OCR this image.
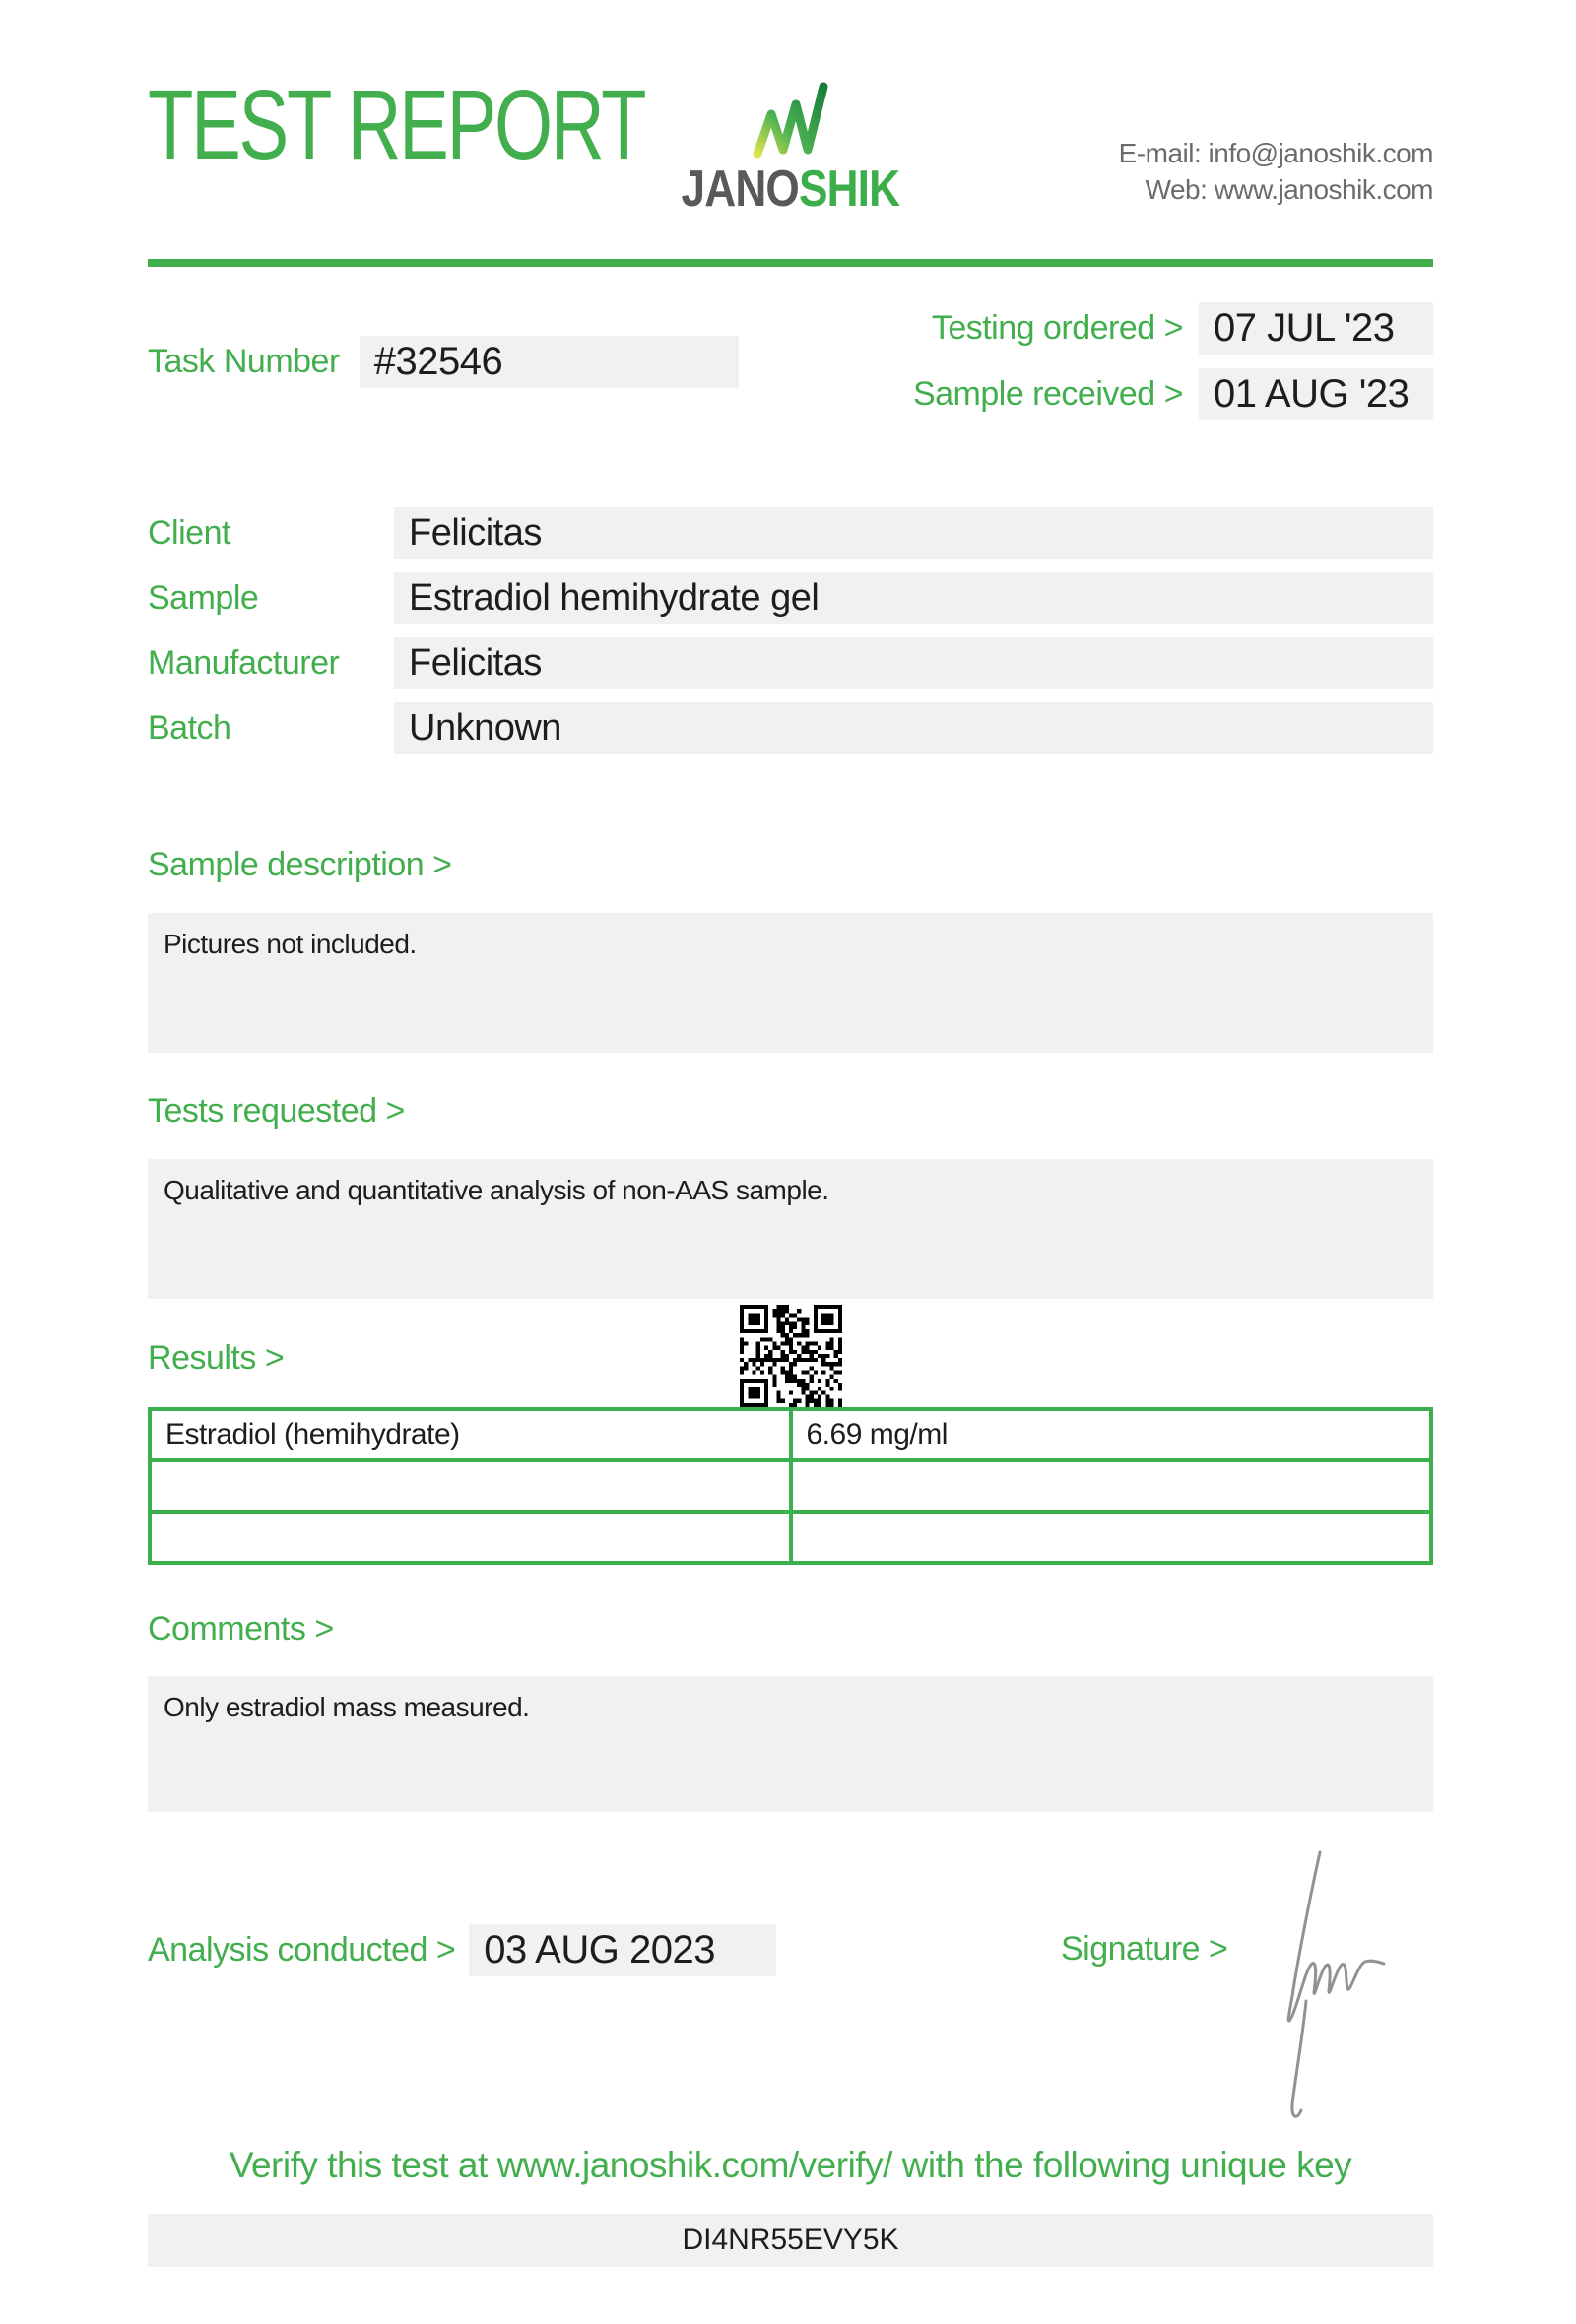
TEST REPORT
JANOSHIK
E-mail: info@janoshik.com
Web: www.janoshik.com
Task Number #32546
Testing ordered > 07 JUL '23
Sample received > 01 AUG '23
Client	Felicitas
Sample	Estradiol hemihydrate gel
Manufacturer	Felicitas
Batch	Unknown
Sample description >
Pictures not included.
Tests requested >
Qualitative and quantitative analysis of non-AAS sample.
Results >
Estradiol (hemihydrate)	6.69 mg/ml

Comments >
Only estradiol mass measured.
Analysis conducted > 03 AUG 2023	Signature >
Verify this test at www.janoshik.com/verify/ with the following unique key
DI4NR55EVY5K
